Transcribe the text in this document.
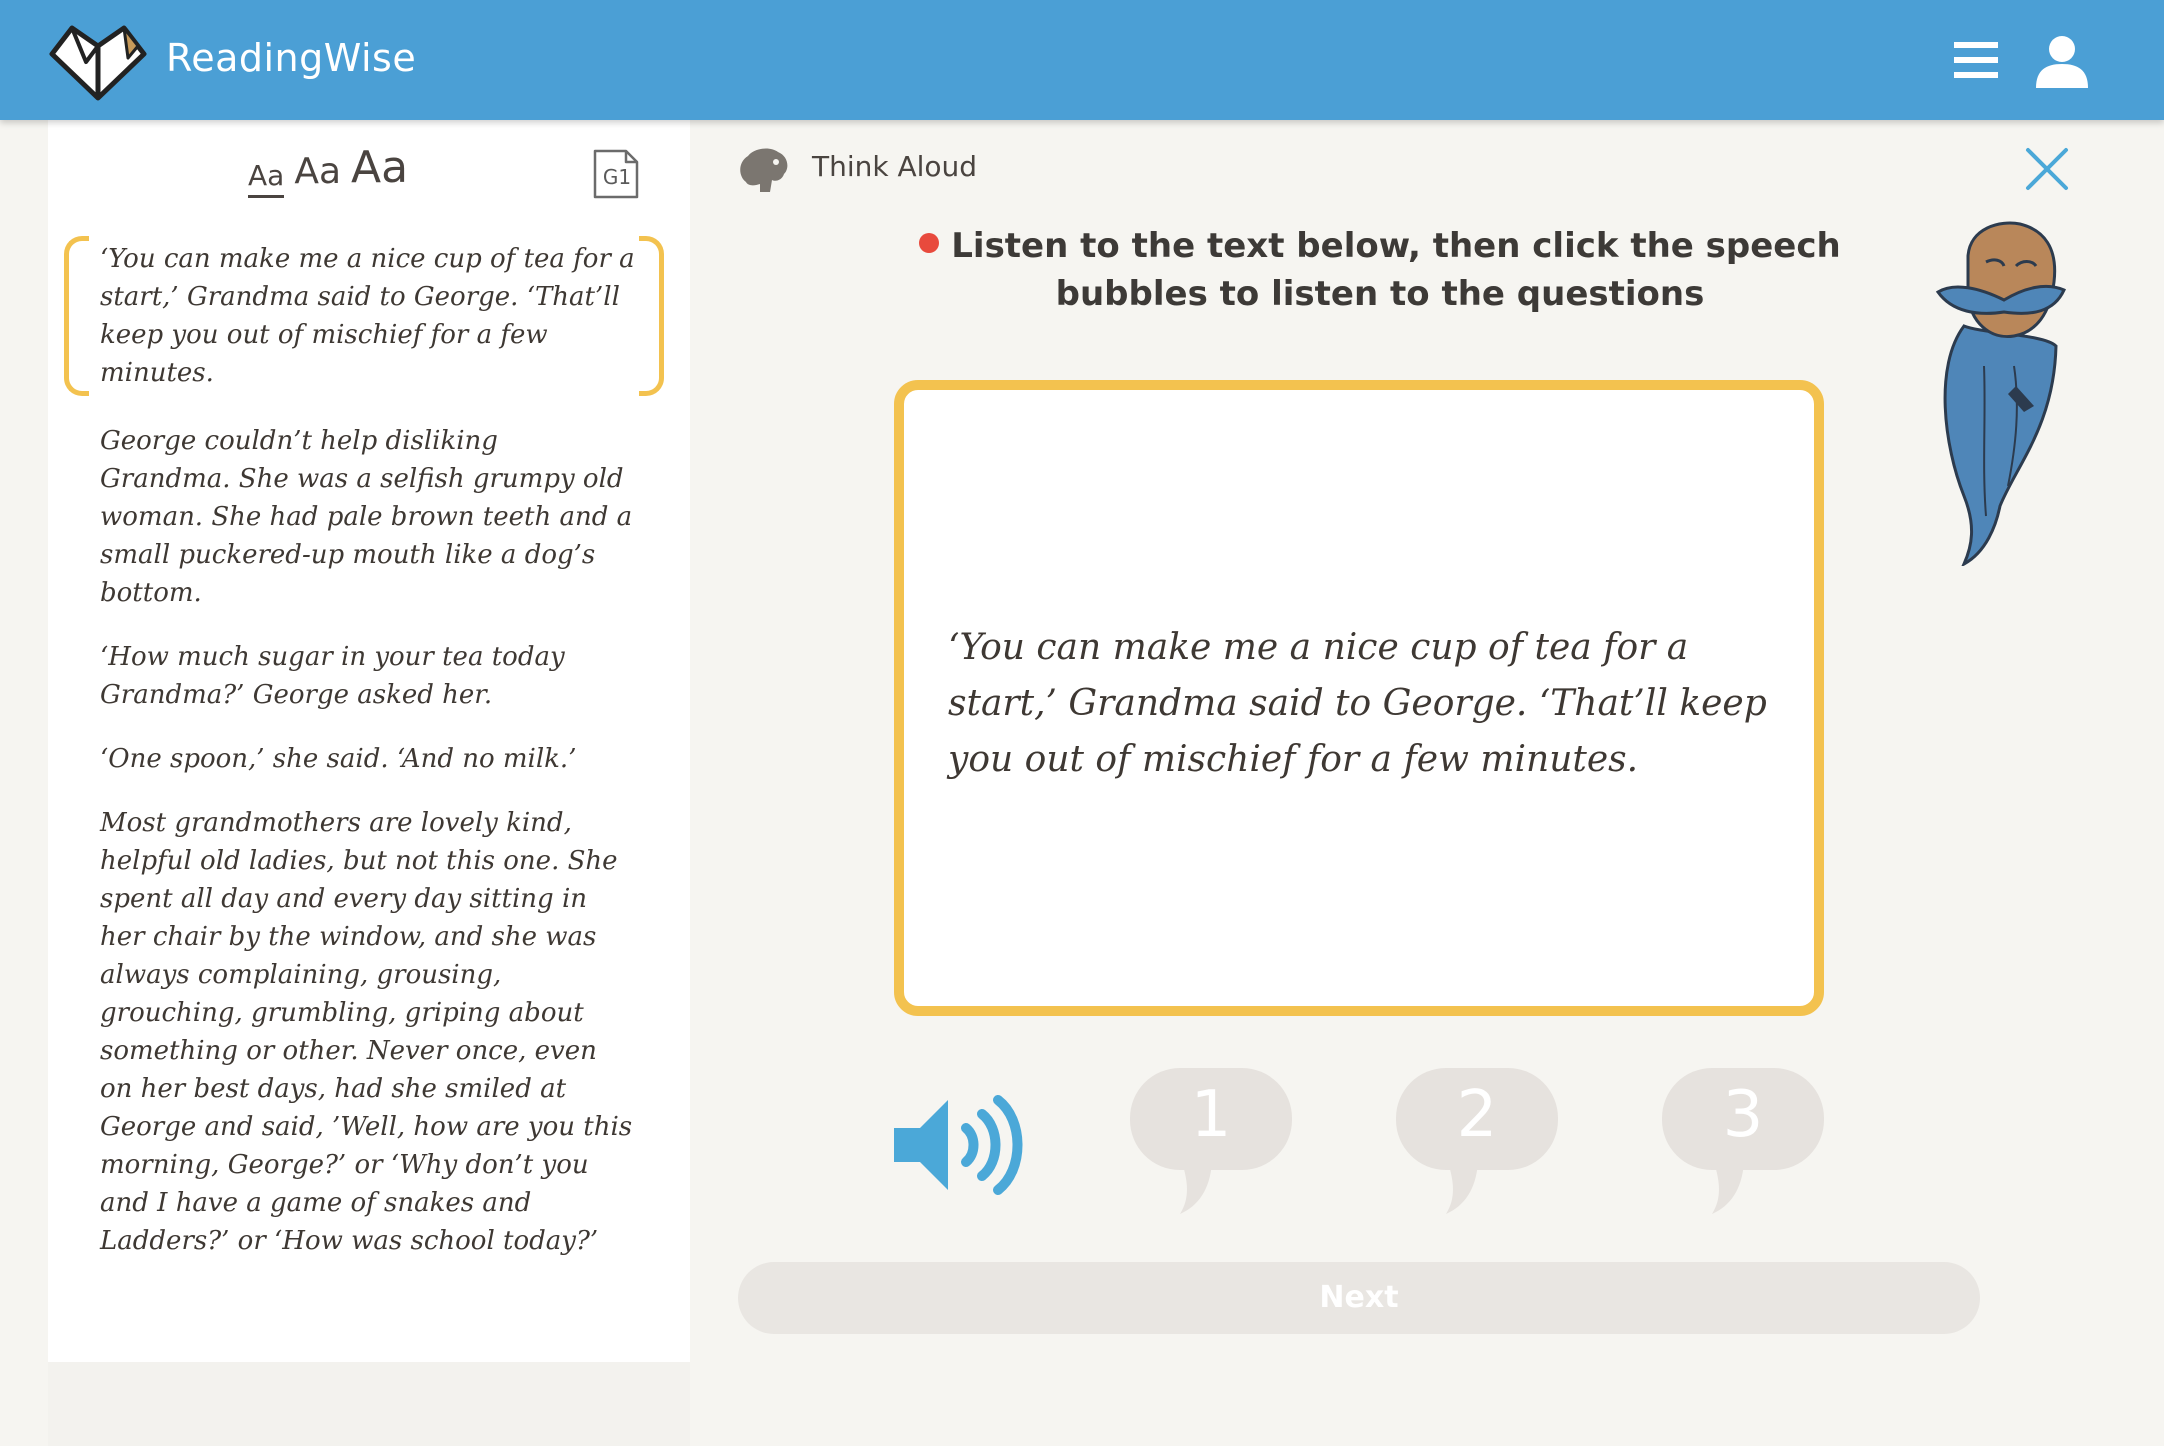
ReadingWise
Aa Aa Aa	G1
‘You can make me a nice cup of tea for a start,’ Grandma said to George. ‘That’ll keep you out of mischief for a few minutes.
George couldn’t help disliking Grandma. She was a selfish grumpy old woman. She had pale brown teeth and a small puckered-up mouth like a dog’s bottom.
‘How much sugar in your tea today Grandma?’ George asked her.
‘One spoon,’ she said. ‘And no milk.’
Most grandmothers are lovely kind, helpful old ladies, but not this one. She spent all day and every day sitting in her chair by the window, and she was always complaining, grousing, grouching, grumbling, griping about something or other. Never once, even on her best days, had she smiled at George and said, ’Well, how are you this morning, George?’ or ‘Why don’t you and I have a game of snakes and Ladders?’ or ‘How was school today?’
Think Aloud
Listen to the text below, then click the speech bubbles to listen to the questions
‘You can make me a nice cup of tea for a start,’ Grandma said to George. ‘That’ll keep you out of mischief for a few minutes.
1	2	3
Next
